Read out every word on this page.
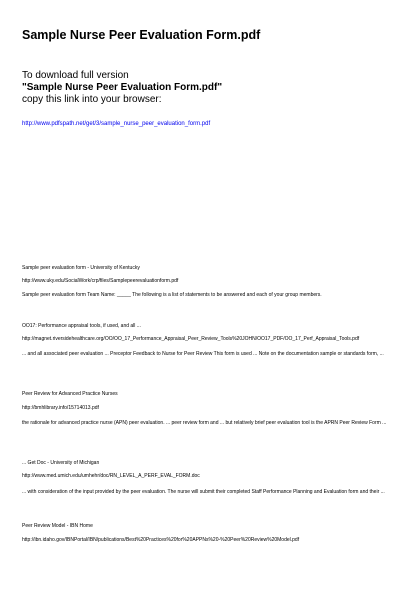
Sample Nurse Peer Evaluation Form.pdf
To download full version
"Sample Nurse Peer Evaluation Form.pdf"
copy this link into your browser:
http://www.pdfspath.net/get/3/sample_nurse_peer_evaluation_form.pdf
Sample peer evaluation form - University of Kentucky
http://www.uky.edu/SocialWork/crp/files/Samplepeerevaluationform.pdf
Sample peer evaluation form Team Name: _____ The following is a list of statements to be answered and each of your group members.
OO17: Performance appraisal tools, if used, and all ...
http://magnet.riversidehealthcare.org/OO/OO_17_Performance_Appraisal_Peer_Review_Tools%20JOHN/OO17_PDF/OO_17_Perf_Appraisal_Tools.pdf
... and all associated peer evaluation ... Preceptor Feedback to Nurse for Peer Review This form is used ... Note on the documentation sample or standards form, ...
Peer Review for Advanced Practice Nurses
http://bmhlibrary.info/15714013.pdf
the rationale for advanced practice nurse (APN) peer evaluation. ... peer review form and ... but relatively brief peer evaluation tool is the APRN Peer Review Form ...
... Get Doc - University of Michigan
http://www.med.umich.edu/umhehr/doc/RN_LEVEL_A_PERF_EVAL_FORM.doc
... with consideration of the input provided by the peer evaluation. The nurse will submit their completed Staff Performance Planning and Evaluation form and their ...
Peer Review Model - IBN Home
http://ibn.idaho.gov/IBNPortal/IBN/publications/Best%20Practices%20for%20APPNs%20-%20Peer%20Review%20Model.pdf
